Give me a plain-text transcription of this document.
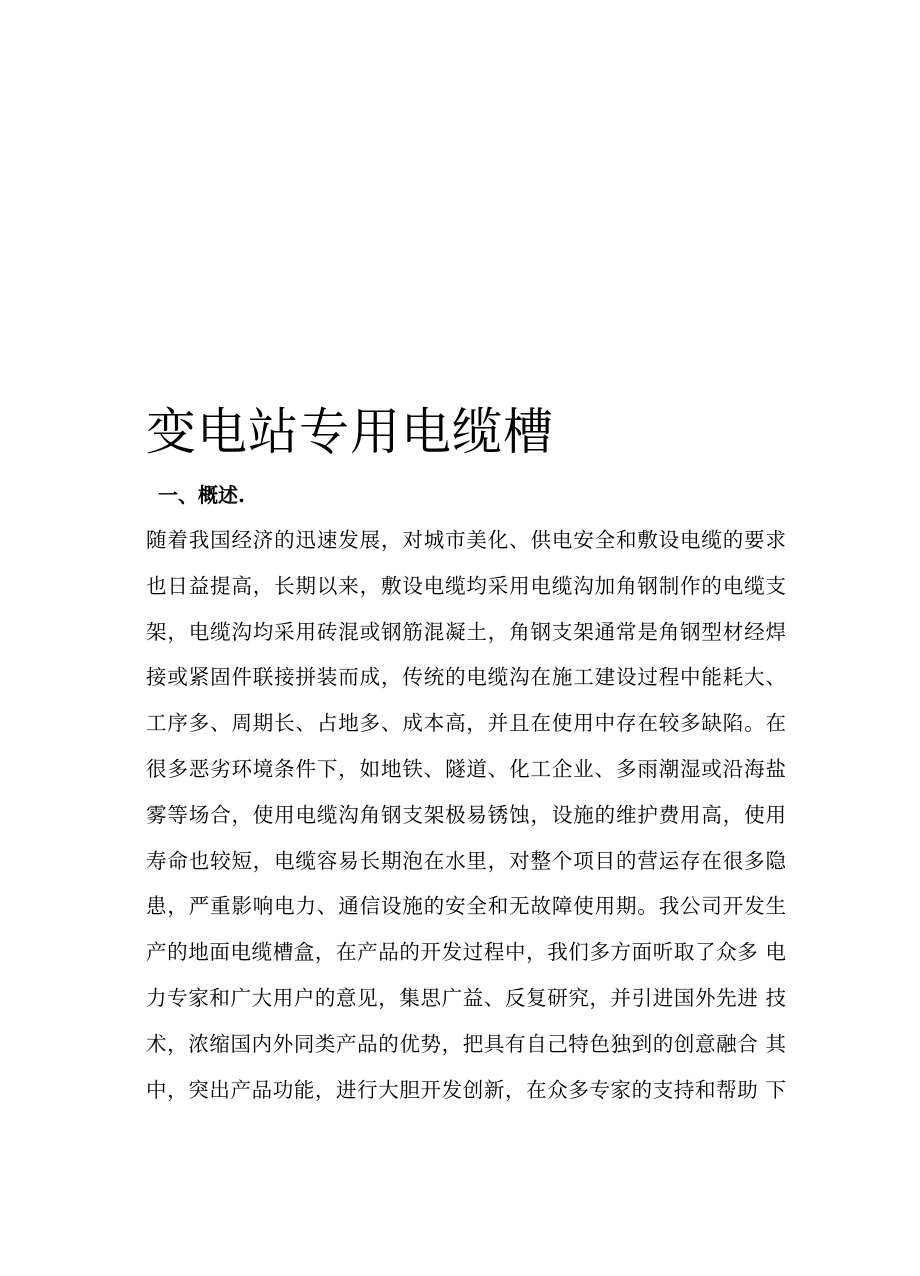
变电站专用电缆槽
一、概述.
随着我国经济的迅速发展，对城市美化、供电安全和敷设电缆的要求
也日益提高，长期以来，敷设电缆均采用电缆沟加角钢制作的电缆支
架，电缆沟均采用砖混或钢筋混凝土，角钢支架通常是角钢型材经焊
接或紧固件联接拼装而成，传统的电缆沟在施工建设过程中能耗大、
工序多、周期长、占地多、成本高，并且在使用中存在较多缺陷。在
很多恶劣环境条件下，如地铁、隧道、化工企业、多雨潮湿或沿海盐
雾等场合，使用电缆沟角钢支架极易锈蚀，设施的维护费用高，使用
寿命也较短，电缆容易长期泡在水里，对整个项目的营运存在很多隐
患，严重影响电力、通信设施的安全和无故障使用期。我公司开发生
产的地面电缆槽盒，在产品的开发过程中，我们多方面听取了众多 电
力专家和广大用户的意见，集思广益、反复研究，并引进国外先进 技
术，浓缩国内外同类产品的优势，把具有自己特色独到的创意融合 其
中，突出产品功能，进行大胆开发创新，在众多专家的支持和帮助 下
